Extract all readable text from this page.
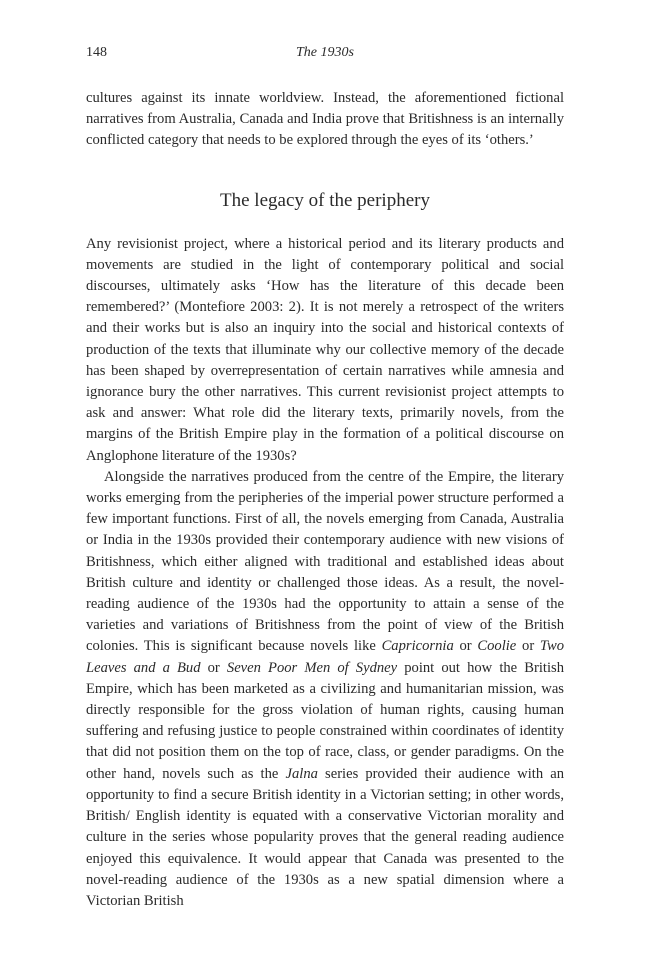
148	The 1930s

cultures against its innate worldview. Instead, the aforementioned fictional narratives from Australia, Canada and India prove that Britishness is an internally conflicted category that needs to be explored through the eyes of its ‘others.’

The legacy of the periphery

Any revisionist project, where a historical period and its literary products and movements are studied in the light of contemporary political and social discourses, ultimately asks ‘How has the literature of this decade been remembered?’ (Montefiore 2003: 2). It is not merely a retrospect of the writers and their works but is also an inquiry into the social and historical contexts of production of the texts that illuminate why our collective memory of the decade has been shaped by overrepresentation of certain narratives while amnesia and ignorance bury the other narratives. This current revisionist project attempts to ask and answer: What role did the literary texts, primarily novels, from the margins of the British Empire play in the formation of a political discourse on Anglophone literature of the 1930s?

Alongside the narratives produced from the centre of the Empire, the literary works emerging from the peripheries of the imperial power structure performed a few important functions. First of all, the novels emerging from Canada, Australia or India in the 1930s provided their contemporary audience with new visions of Britishness, which either aligned with traditional and established ideas about British culture and identity or challenged those ideas. As a result, the novel-reading audience of the 1930s had the opportunity to attain a sense of the varieties and variations of Britishness from the point of view of the British colonies. This is significant because novels like Capricornia or Coolie or Two Leaves and a Bud or Seven Poor Men of Sydney point out how the British Empire, which has been marketed as a civilizing and humanitarian mission, was directly responsible for the gross violation of human rights, causing human suffering and refusing justice to people constrained within coordinates of identity that did not position them on the top of race, class, or gender paradigms. On the other hand, novels such as the Jalna series provided their audience with an opportunity to find a secure British identity in a Victorian setting; in other words, British/ English identity is equated with a conservative Victorian morality and culture in the series whose popularity proves that the general reading audience enjoyed this equivalence. It would appear that Canada was presented to the novel-reading audience of the 1930s as a new spatial dimension where a Victorian British
